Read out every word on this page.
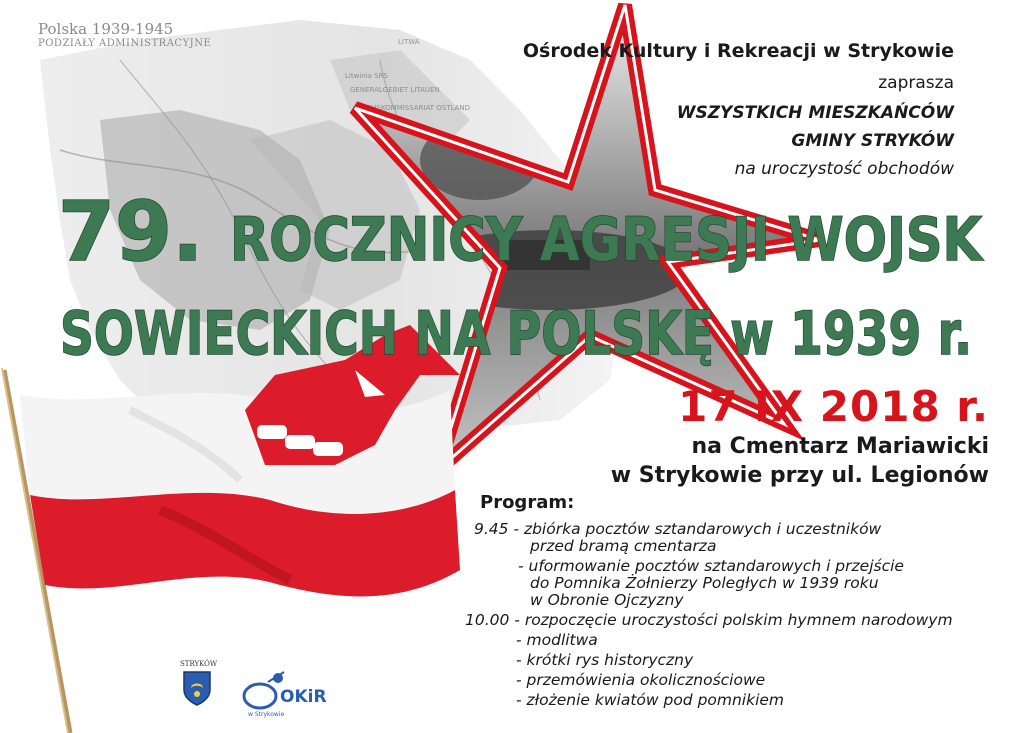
LITWA
Litwinia SRS
GENERALGEBIET LITAUEN
REICHSKOMMISSARIAT OSTLAND
Polska 1939-1945
PODZIAŁY ADMINISTRACYJNE	Ośrodek Kultury i Rekreacji w Strykowie
zaprasza
WSZYSTKICH MIESZKAŃCÓW
GMINY STRYKÓW
na uroczystość obchodów
79. ROCZNICY AGRESJI WOJSK
SOWIECKICH NA POLSKĘ w 1939 r.
17 IX 2018 r.
na Cmentarz Mariawicki
w Strykowie przy ul. Legionów
Program:
9.45 - zbiórka pocztów sztandarowych i uczestników
przed bramą cmentarza
- uformowanie pocztów sztandarowych i przejście
do Pomnika Żołnierzy Poległych w 1939 roku
w Obronie Ojczyzny
10.00 - rozpoczęcie uroczystości polskim hymnem narodowym
- modlitwa
- krótki rys historyczny
- przemówienia okolicznościowe
- złożenie kwiatów pod pomnikiem
STRYKÓW
OKiR
w Strykowie
